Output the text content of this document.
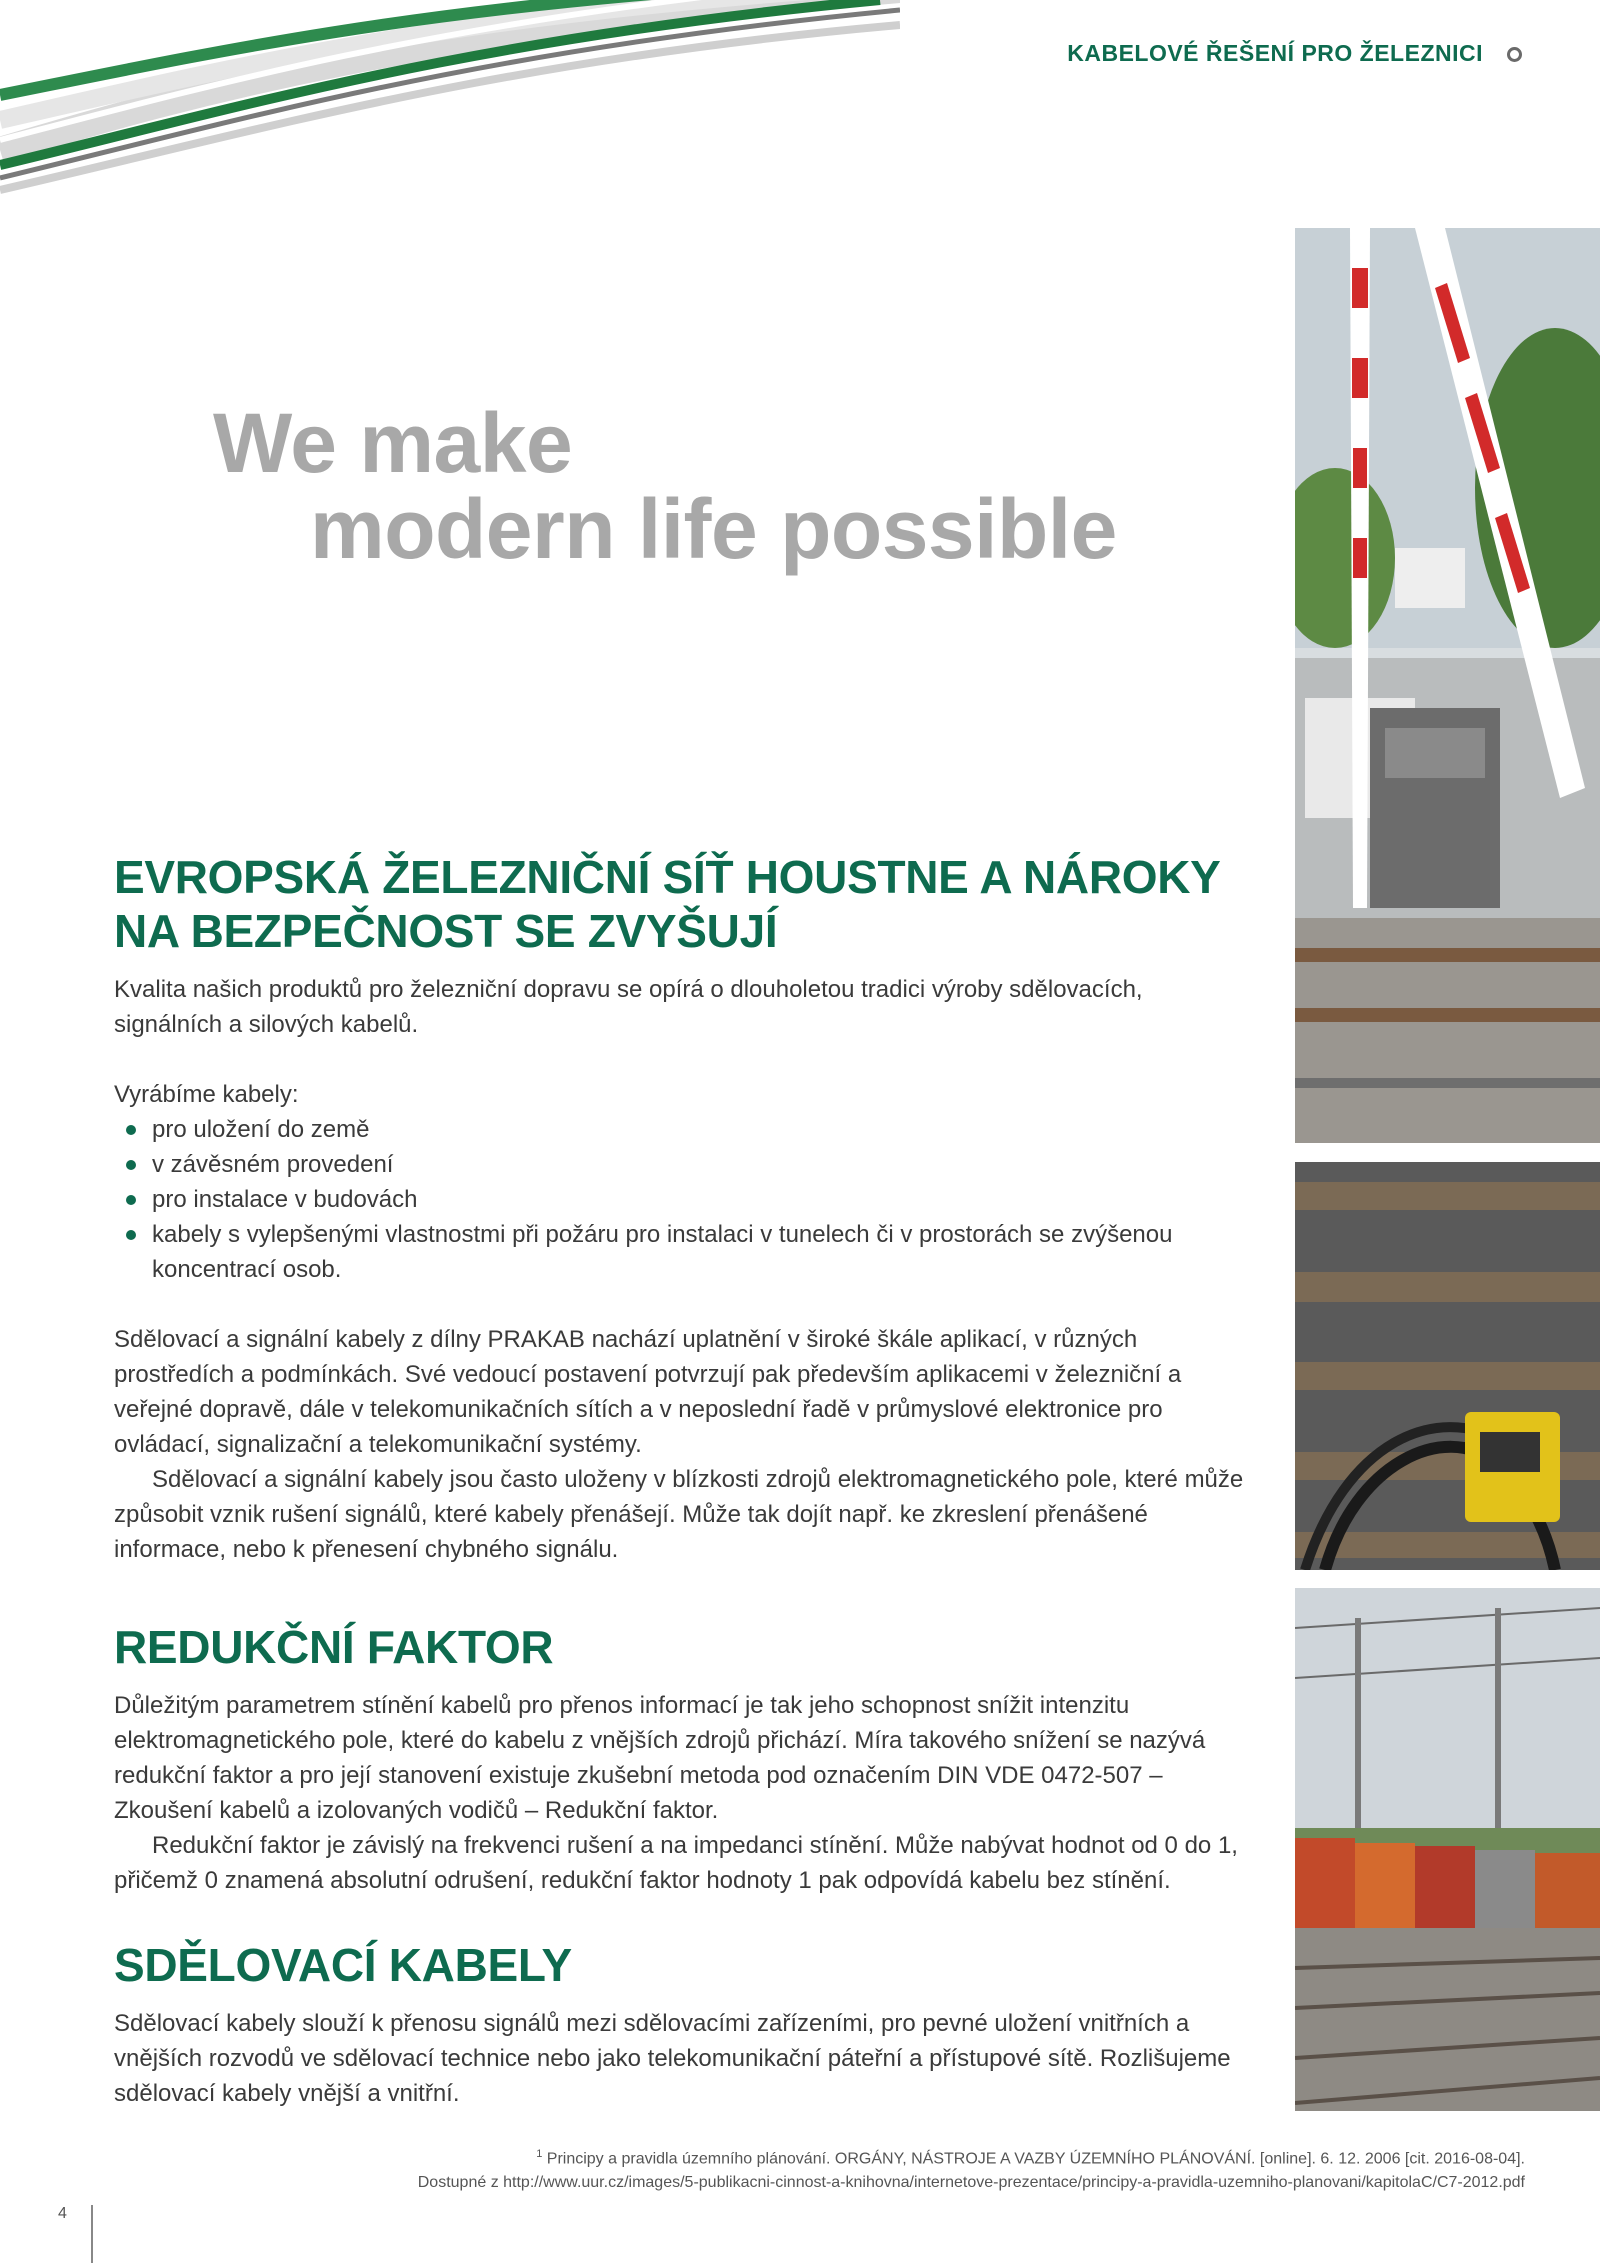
KABELOVÉ ŘEŠENÍ PRO ŽELEZNICI
We make
modern life possible
EVROPSKÁ ŽELEZNIČNÍ SÍŤ HOUSTNE A NÁROKY
NA BEZPEČNOST SE ZVYŠUJÍ

Kvalita našich produktů pro železniční dopravu se opírá o dlouholetou tradici výroby sdělovacích, signálních a silových kabelů.

Vyrábíme kabely:

pro uložení do země
v závěsném provedení
pro instalace v budovách
kabely s vylepšenými vlastnostmi při požáru pro instalaci v tunelech či v prostorách se zvýšenou koncentrací osob.

Sdělovací a signální kabely z dílny PRAKAB nachází uplatnění v široké škále aplikací, v různých prostředích a podmínkách. Své vedoucí postavení potvrzují pak především aplikacemi v železniční a veřejné dopravě, dále v telekomunikačních sítích a v neposlední řadě v průmyslové elektronice pro ovládací, signalizační a telekomunikační systémy.

Sdělovací a signální kabely jsou často uloženy v blízkosti zdrojů elektromagnetického pole, které může způsobit vznik rušení signálů, které kabely přenášejí. Může tak dojít např. ke zkreslení přenášené informace, nebo k přenesení chybného signálu.

REDUKČNÍ FAKTOR

Důležitým parametrem stínění kabelů pro přenos informací je tak jeho schopnost snížit intenzitu elektromagnetického pole, které do kabelu z vnějších zdrojů přichází. Míra takového snížení se nazývá redukční faktor a pro její stanovení existuje zkušební metoda pod označením DIN VDE 0472-507 – Zkoušení kabelů a izolovaných vodičů – Redukční faktor.

Redukční faktor je závislý na frekvenci rušení a na impedanci stínění. Může nabývat hodnot od 0 do 1, přičemž 0 znamená absolutní odrušení, redukční faktor hodnoty 1 pak odpovídá kabelu bez stínění.

SDĚLOVACÍ KABELY

Sdělovací kabely slouží k přenosu signálů mezi sdělovacími zařízeními, pro pevné uložení vnitřních a vnějších rozvodů ve sdělovací technice nebo jako telekomunikační páteřní a přístupové sítě. Rozlišujeme sdělovací kabely vnější a vnitřní.

$^1$ Principy a pravidla územního plánování. ORGÁNY, NÁSTROJE A VAZBY ÚZEMNÍHO PLÁNOVÁNÍ. [online]. 6. 12. 2006 [cit. 2016-08-04].
Dostupné z http://www.uur.cz/images/5-publikacni-cinnost-a-knihovna/internetove-prezentace/principy-a-pravidla-uzemniho-planovani/kapitolaC/C7-2012.pdf
4
